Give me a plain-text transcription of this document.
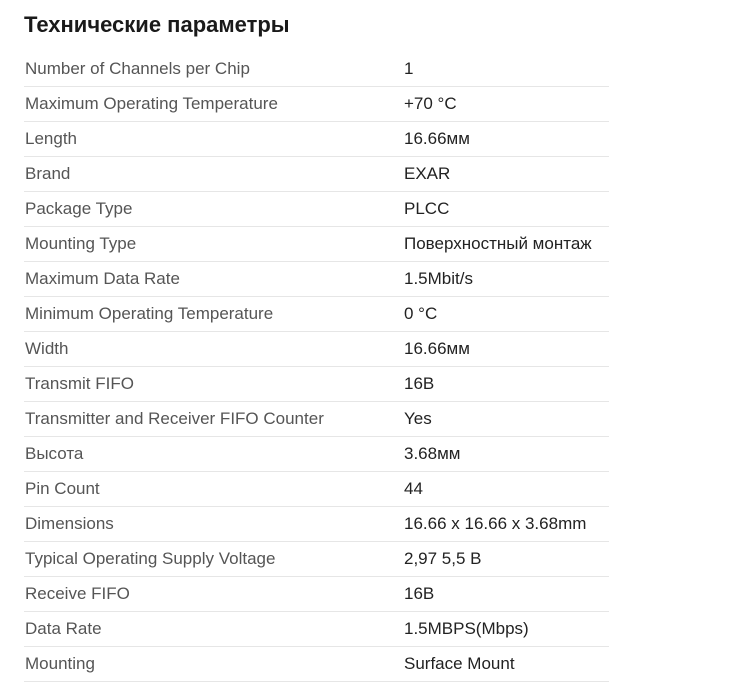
Технические параметры
Number of Channels per Chip	1
Maximum Operating Temperature	+70 °C
Length	16.66мм
Brand	EXAR
Package Type	PLCC
Mounting Type	Поверхностный монтаж
Maximum Data Rate	1.5Mbit/s
Minimum Operating Temperature	0 °C
Width	16.66мм
Transmit FIFO	16B
Transmitter and Receiver FIFO Counter	Yes
Высота	3.68мм
Pin Count	44
Dimensions	16.66 x 16.66 x 3.68mm
Typical Operating Supply Voltage	2,97 5,5 B
Receive FIFO	16B
Data Rate	1.5MBPS(Mbps)
Mounting	Surface Mount
